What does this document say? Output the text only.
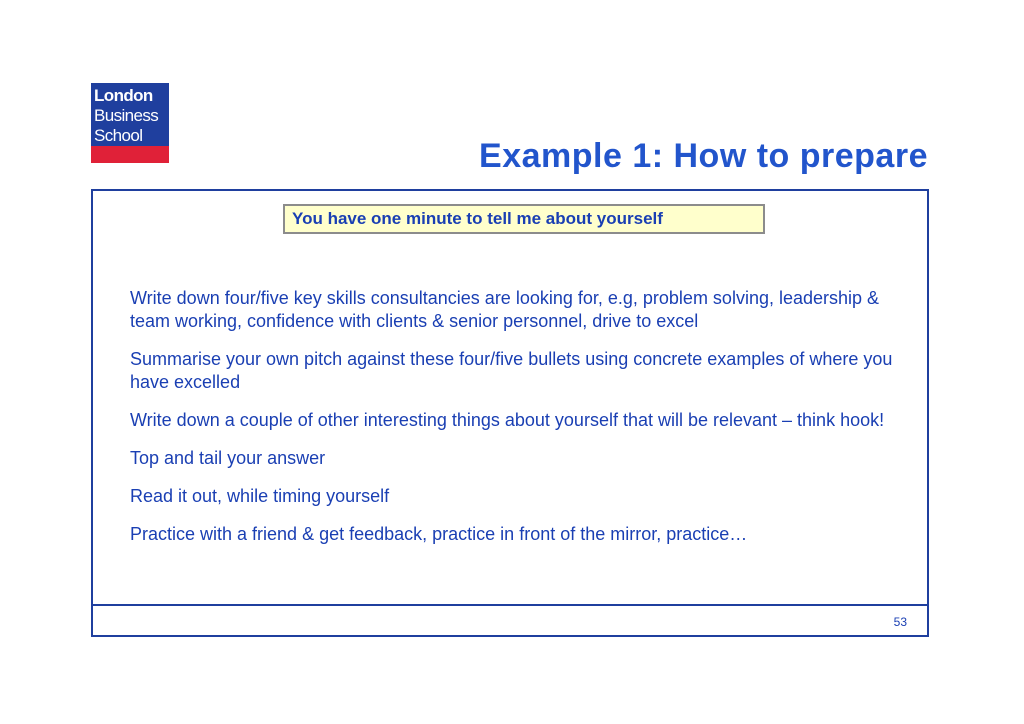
London
Business
School
Example 1: How to prepare
You have one minute to tell me about yourself
Write down four/five key skills consultancies are looking for, e.g, problem solving, leadership & team working, confidence with clients & senior personnel, drive to excel
Summarise your own pitch against these four/five bullets using concrete examples of where you have excelled
Write down a couple of other interesting things about yourself that will be relevant – think hook!
Top and tail your answer
Read it out, while timing yourself
Practice with a friend & get feedback, practice in front of the mirror, practice…
53
